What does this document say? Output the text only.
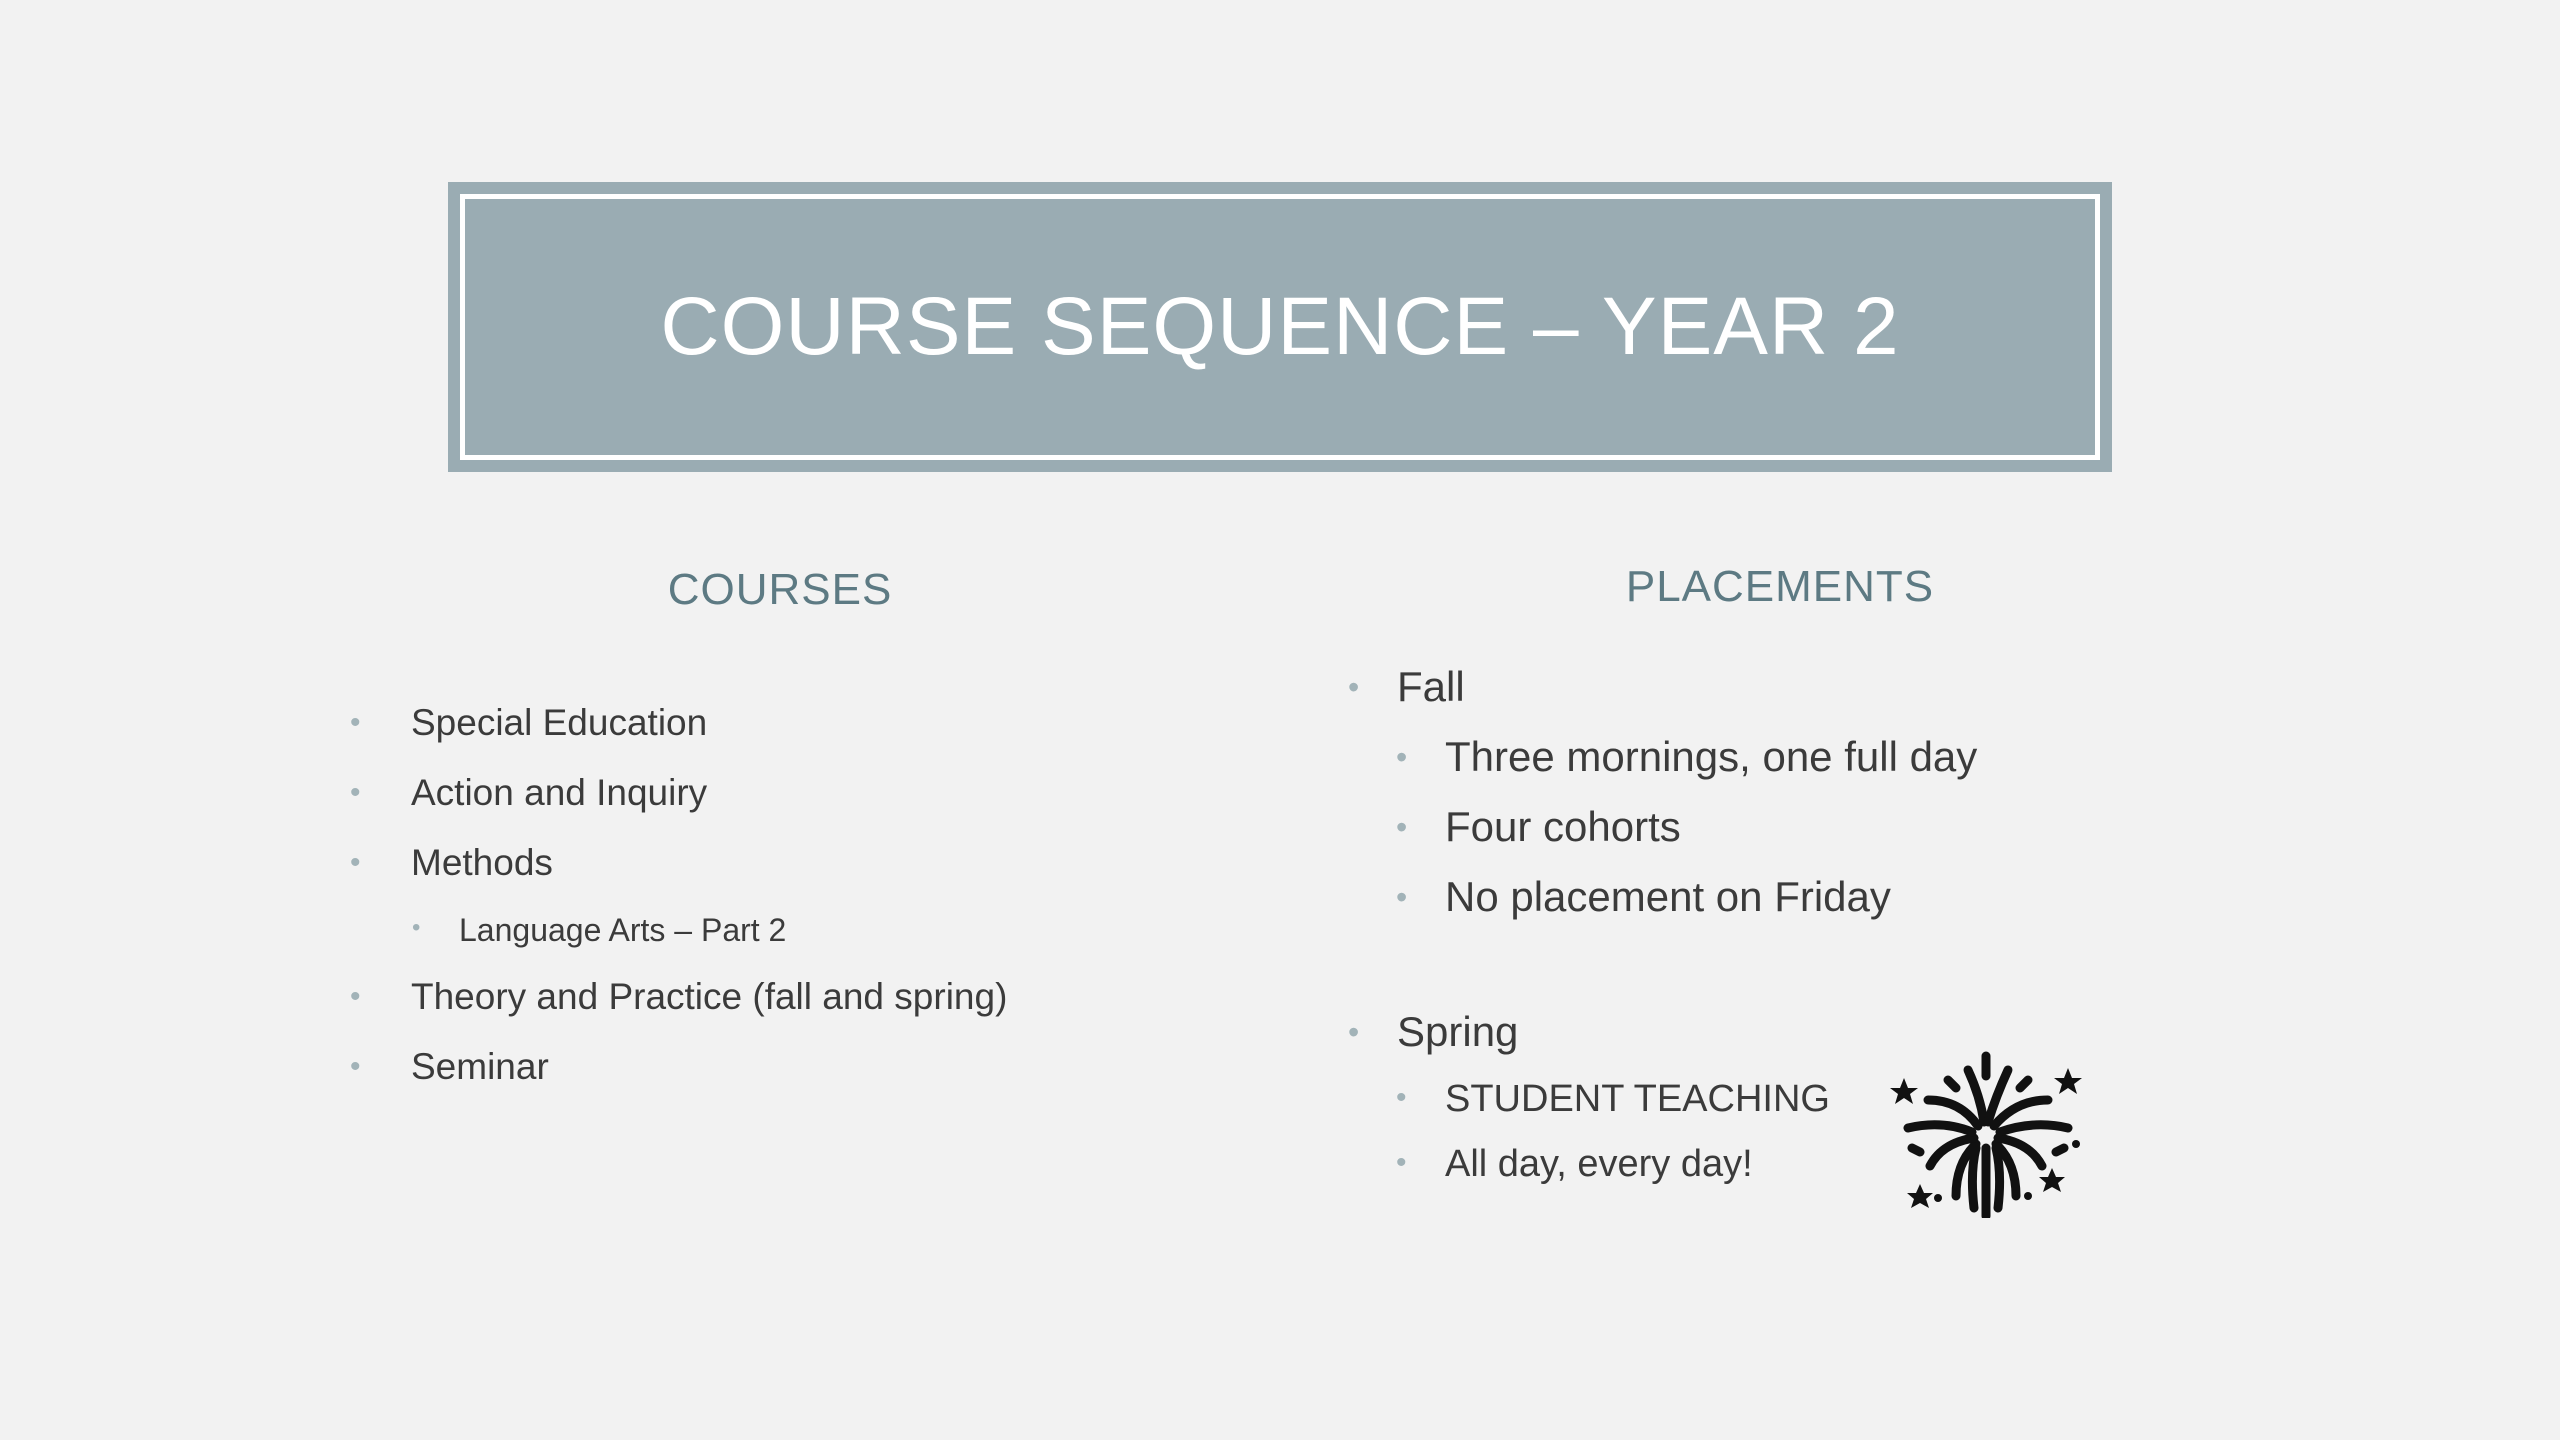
COURSE SEQUENCE – YEAR 2
COURSES
• Special Education
• Action and Inquiry
• Methods
• Language Arts – Part 2
• Theory and Practice (fall and spring)
• Seminar
PLACEMENTS
• Fall
• Three mornings, one full day
• Four cohorts
• No placement on Friday
• Spring
• STUDENT TEACHING
• All day, every day!
